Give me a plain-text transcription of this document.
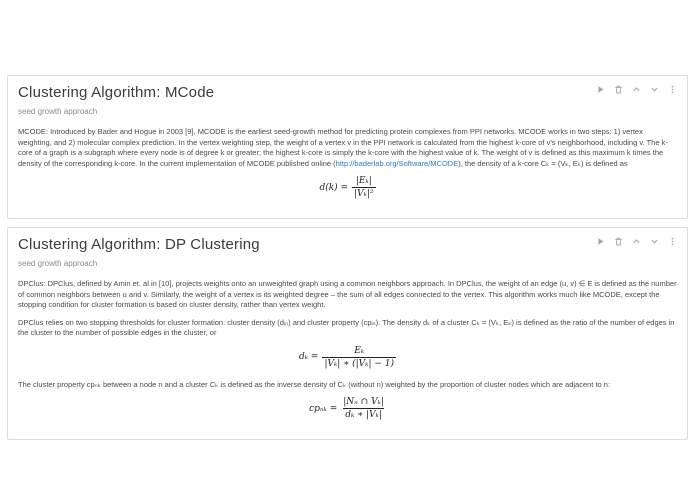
Clustering Algorithm: MCode
seed growth approach

MCODE: Introduced by Bader and Hogue in 2003 [9], MCODE is the earliest seed-growth method for predicting protein complexes from PPI networks. MCODE works in two steps: 1) vertex weighting, and 2) molecular complex prediction. In the vertex weighting step, the weight of a vertex v in the PPI network is calculated from the highest k-core of v's neighborhood, including v. The k-core of a graph is a subgraph where every node is of degree k or greater; the highest k-core is simply the k-core with the highest value of k. The weight of v is defined as this maximum k times the density of the corresponding k-core. In the current implementation of MCODE published online (http://baderlab.org/Software/MCODE), the density of a k-core Cₖ = (Vₖ, Eₖ) is defined as

$d(k) = \frac{\text{|Eₖ|}}{\text{|Vₖ|²}}$
Clustering Algorithm: DP Clustering
seed growth approach

DPClus: DPClus, defined by Amin et. al in [10], projects weights onto an unweighted graph using a common neighbors approach. In DPClus, the weight of an edge (u, v) ∈ E is defined as the number of common neighbors between u and v. Similarly, the weight of a vertex is its weighted degree – the sum of all edges connected to the vertex. This algorithm works much like MCODE, except the stopping condition for cluster formation is based on cluster density, rather than vertex weight.

DPClus relies on two stopping thresholds for cluster formation: cluster density (dᵢₙ) and cluster property (cpᵢₙ). The density dₖ of a cluster Cₖ = (Vₖ, Eₖ) is defined as the ratio of the number of edges in the cluster to the number of possible edges in the cluster, or

$d_k = \frac{\text{Eₖ}}{\text{|Vₖ| ∗ (|Vₖ| − 1)}}$

The cluster property cpₙₖ between a node n and a cluster Cₖ is defined as the inverse density of Cₖ (without n) weighted by the proportion of cluster nodes which are adjacent to n:

$cp_{nk} = \frac{\text{|Nₙ ∩ Vₖ|}}{\text{dₖ ∗ |Vₖ|}}$
